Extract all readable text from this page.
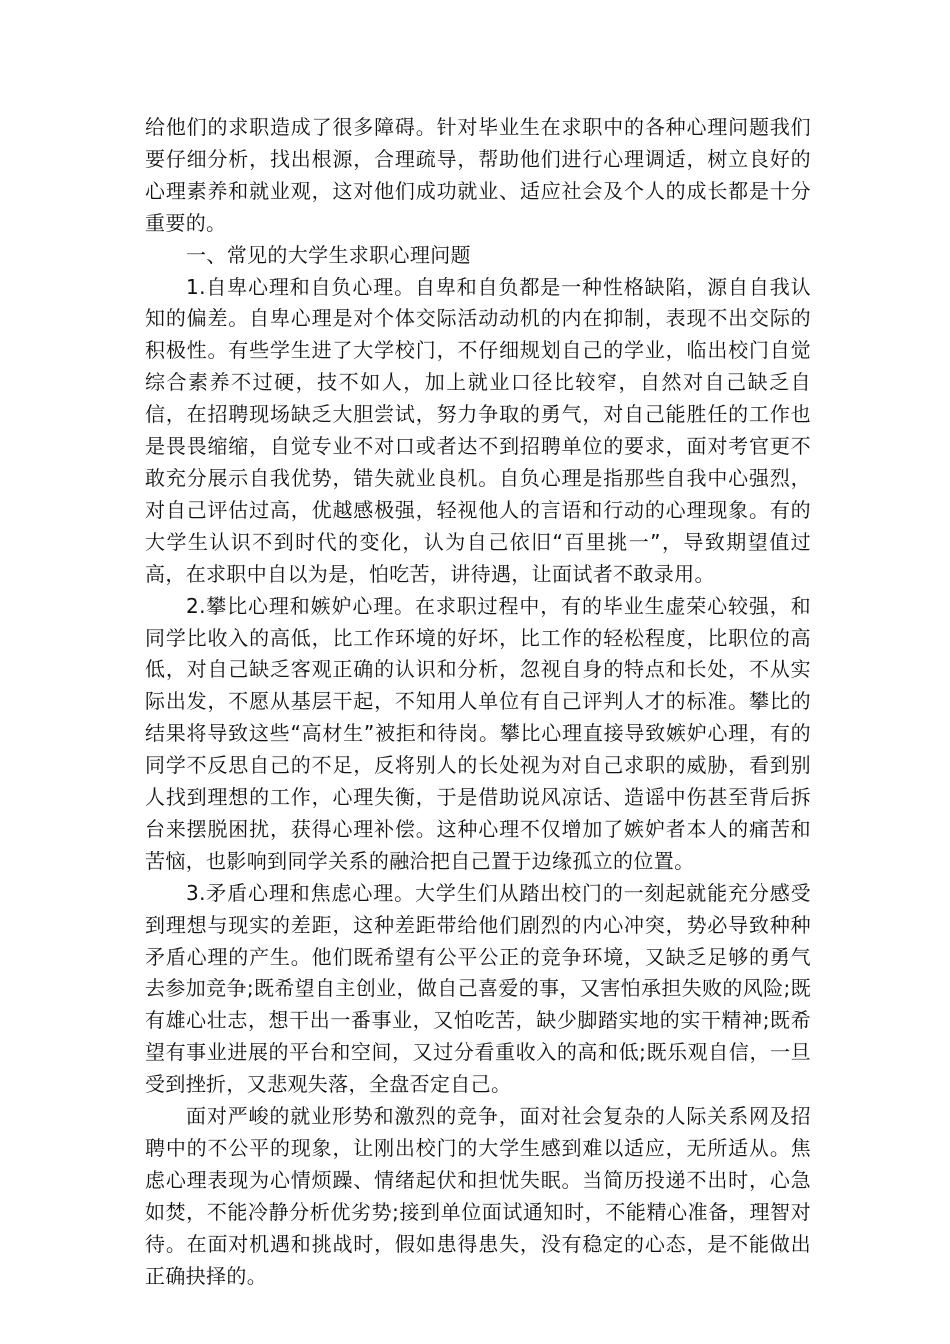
给他们的求职造成了很多障碍。针对毕业生在求职中的各种心理问题我们要仔细分析，找出根源，合理疏导，帮助他们进行心理调适，树立良好的心理素养和就业观，这对他们成功就业、适应社会及个人的成长都是十分重要的。

一、常见的大学生求职心理问题

1.自卑心理和自负心理。自卑和自负都是一种性格缺陷，源自自我认知的偏差。自卑心理是对个体交际活动动机的内在抑制，表现不出交际的积极性。有些学生进了大学校门，不仔细规划自己的学业，临出校门自觉综合素养不过硬，技不如人，加上就业口径比较窄，自然对自己缺乏自信，在招聘现场缺乏大胆尝试，努力争取的勇气，对自己能胜任的工作也是畏畏缩缩，自觉专业不对口或者达不到招聘单位的要求，面对考官更不敢充分展示自我优势，错失就业良机。自负心理是指那些自我中心强烈，对自己评估过高，优越感极强，轻视他人的言语和行动的心理现象。有的大学生认识不到时代的变化，认为自己依旧“百里挑一”，导致期望值过高，在求职中自以为是，怕吃苦，讲待遇，让面试者不敢录用。

2.攀比心理和嫉妒心理。在求职过程中，有的毕业生虚荣心较强，和同学比收入的高低，比工作环境的好坏，比工作的轻松程度，比职位的高低，对自己缺乏客观正确的认识和分析，忽视自身的特点和长处，不从实际出发，不愿从基层干起，不知用人单位有自己评判人才的标准。攀比的结果将导致这些“高材生”被拒和待岗。攀比心理直接导致嫉妒心理，有的同学不反思自己的不足，反将别人的长处视为对自己求职的威胁，看到别人找到理想的工作，心理失衡，于是借助说风凉话、造谣中伤甚至背后拆台来摆脱困扰，获得心理补偿。这种心理不仅增加了嫉妒者本人的痛苦和苦恼，也影响到同学关系的融洽把自己置于边缘孤立的位置。

3.矛盾心理和焦虑心理。大学生们从踏出校门的一刻起就能充分感受到理想与现实的差距，这种差距带给他们剧烈的内心冲突，势必导致种种矛盾心理的产生。他们既希望有公平公正的竞争环境，又缺乏足够的勇气去参加竞争;既希望自主创业，做自己喜爱的事，又害怕承担失败的风险;既有雄心壮志，想干出一番事业，又怕吃苦，缺少脚踏实地的实干精神;既希望有事业进展的平台和空间，又过分看重收入的高和低;既乐观自信，一旦受到挫折，又悲观失落，全盘否定自己。

面对严峻的就业形势和激烈的竞争，面对社会复杂的人际关系网及招聘中的不公平的现象，让刚出校门的大学生感到难以适应，无所适从。焦虑心理表现为心情烦躁、情绪起伏和担忧失眠。当简历投递不出时，心急如焚，不能冷静分析优劣势;接到单位面试通知时，不能精心准备，理智对待。在面对机遇和挑战时，假如患得患失，没有稳定的心态，是不能做出正确抉择的。
